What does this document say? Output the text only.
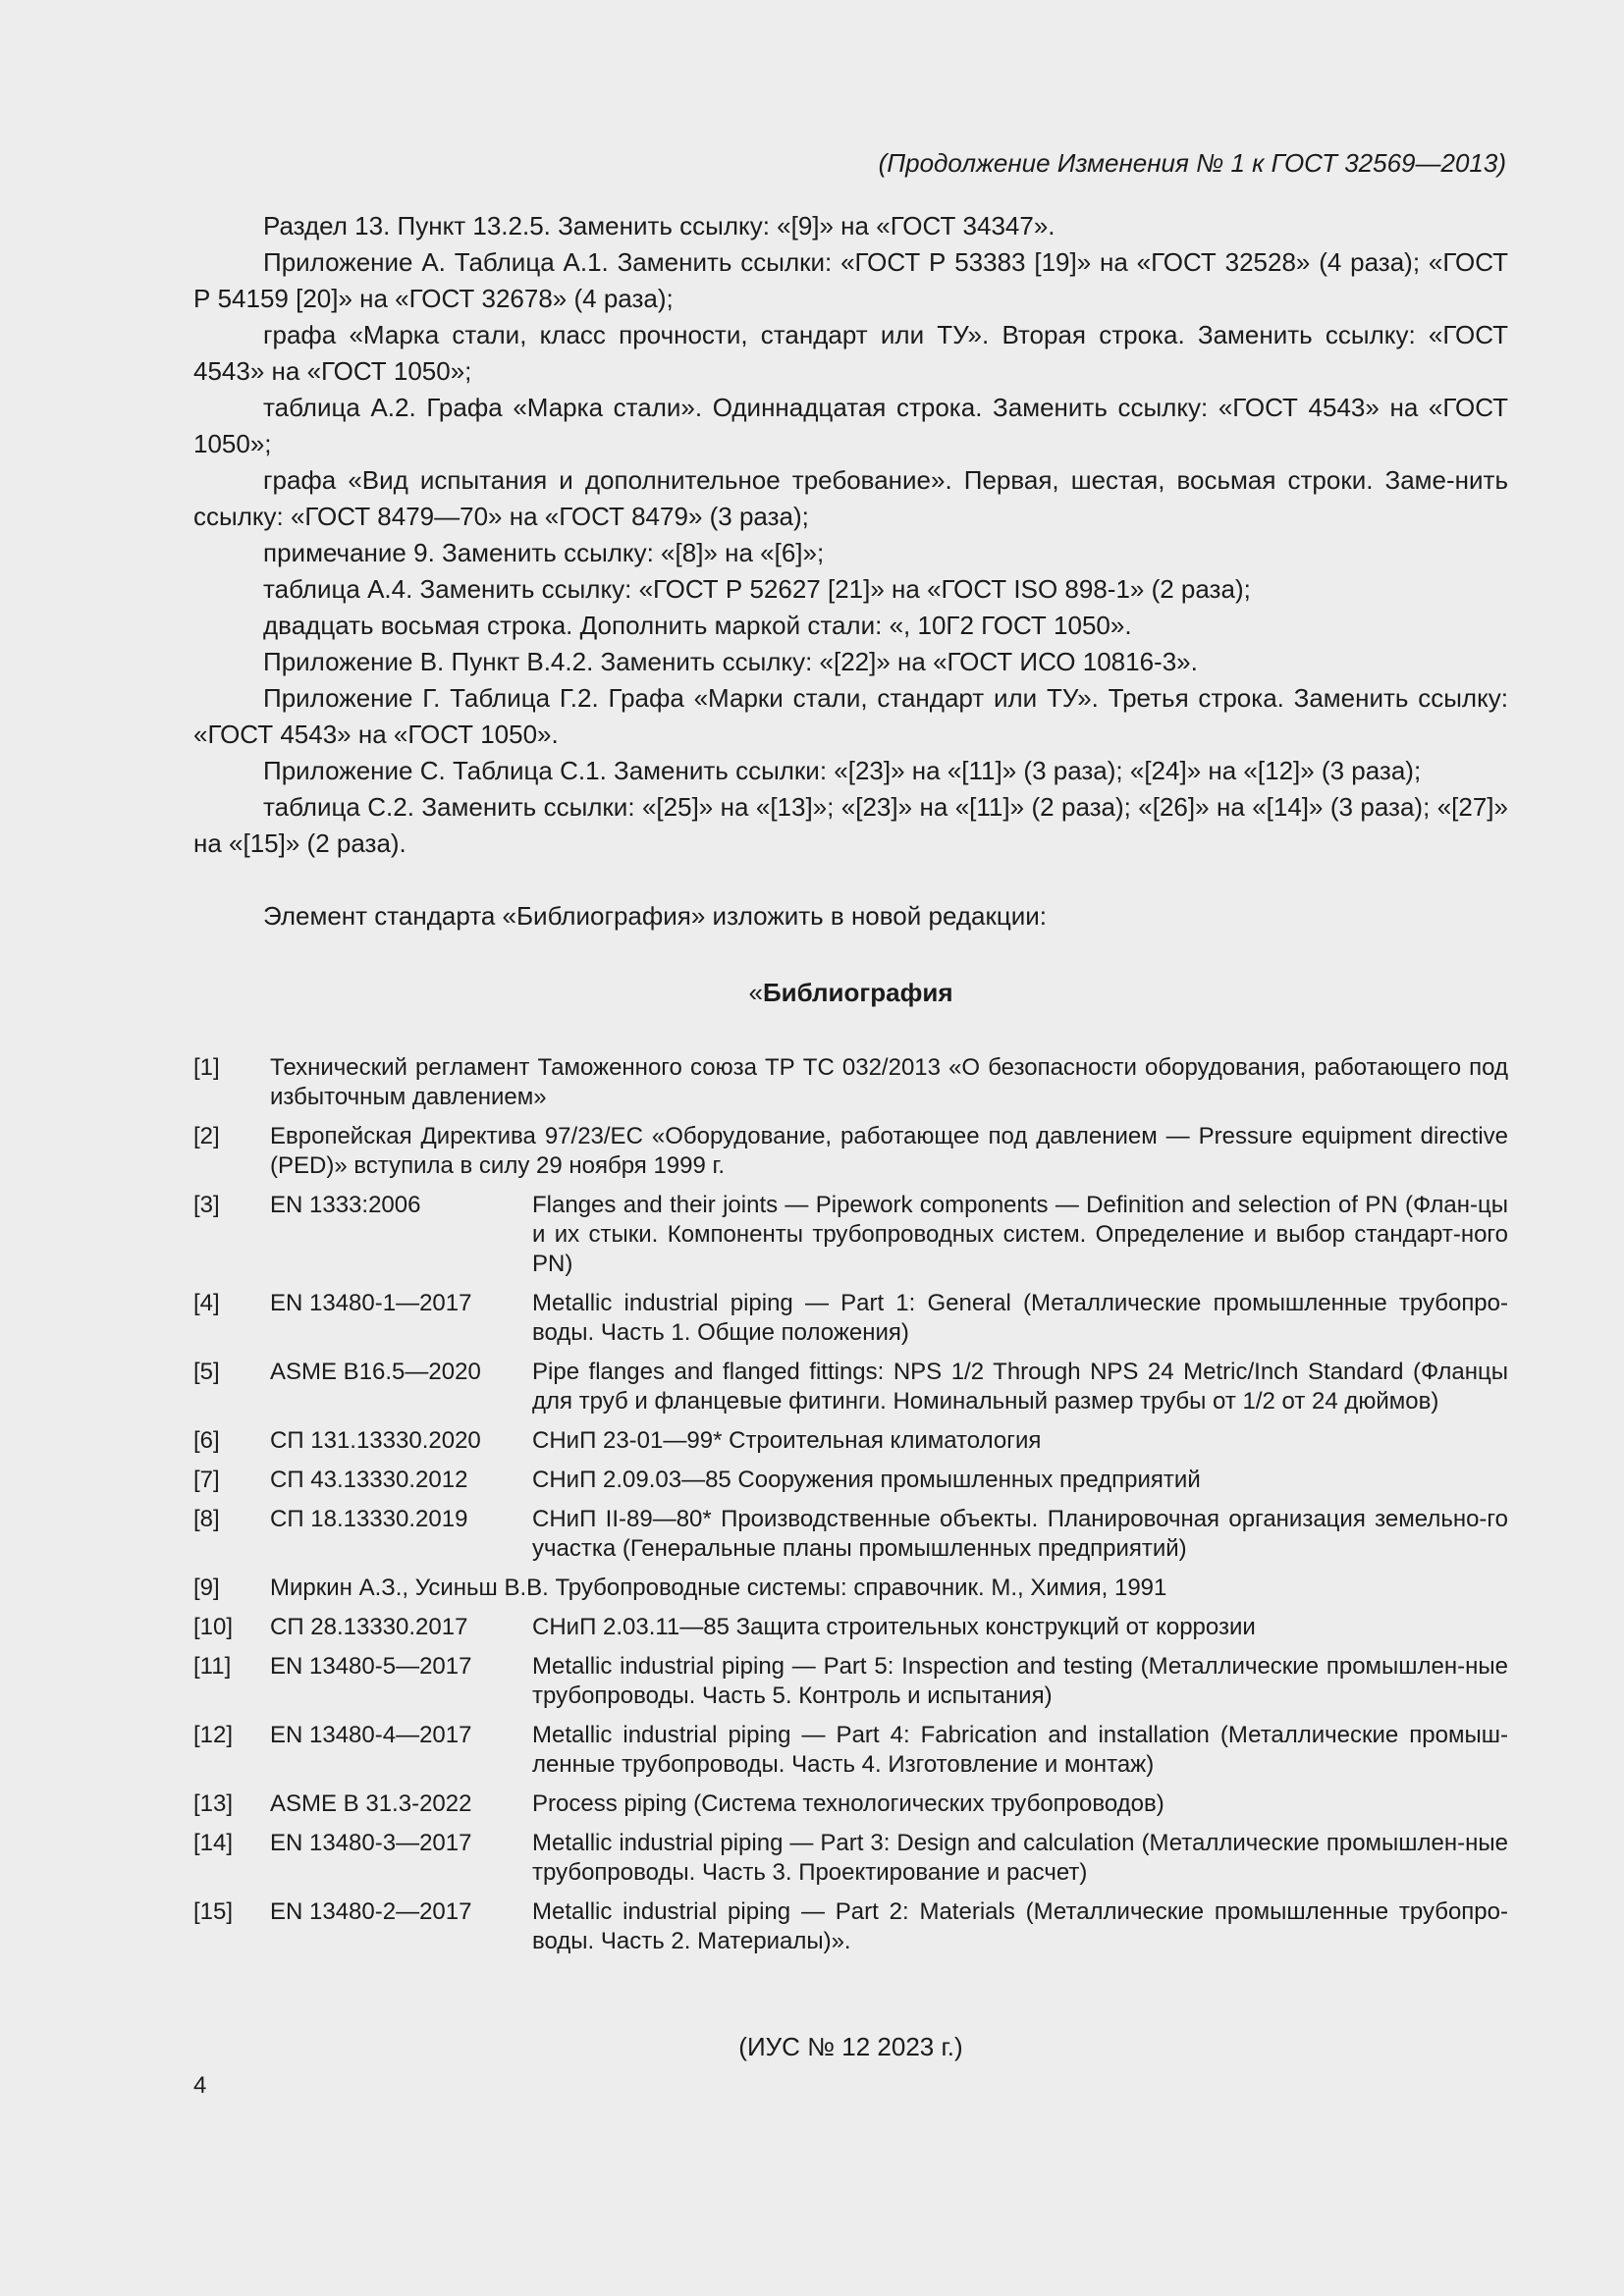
(Продолжение Изменения № 1 к ГОСТ 32569—2013)

Раздел 13. Пункт 13.2.5. Заменить ссылку: «[9]» на «ГОСТ 34347».

Приложение А. Таблица А.1. Заменить ссылки: «ГОСТ Р 53383 [19]» на «ГОСТ 32528» (4 раза); «ГОСТ Р 54159 [20]» на «ГОСТ 32678» (4 раза);

графа «Марка стали, класс прочности, стандарт или ТУ». Вторая строка. Заменить ссылку: «ГОСТ 4543» на «ГОСТ 1050»;

таблица А.2. Графа «Марка стали». Одиннадцатая строка. Заменить ссылку: «ГОСТ 4543» на «ГОСТ 1050»;

графа «Вид испытания и дополнительное требование». Первая, шестая, восьмая строки. Заме-нить ссылку: «ГОСТ 8479—70» на «ГОСТ 8479» (3 раза);

примечание 9. Заменить ссылку: «[8]» на «[6]»;

таблица А.4. Заменить ссылку: «ГОСТ Р 52627 [21]» на «ГОСТ ISO 898-1» (2 раза);

двадцать восьмая строка. Дополнить маркой стали: «, 10Г2 ГОСТ 1050».

Приложение В. Пункт В.4.2. Заменить ссылку: «[22]» на «ГОСТ ИСО 10816-3».

Приложение Г. Таблица Г.2. Графа «Марки стали, стандарт или ТУ». Третья строка. Заменить ссылку: «ГОСТ 4543» на «ГОСТ 1050».

Приложение С. Таблица С.1. Заменить ссылки: «[23]» на «[11]» (3 раза); «[24]» на «[12]» (3 раза);

таблица С.2. Заменить ссылки: «[25]» на «[13]»; «[23]» на «[11]» (2 раза); «[26]» на «[14]» (3 раза); «[27]» на «[15]» (2 раза).

Элемент стандарта «Библиография» изложить в новой редакции:

«Библиография
[1]	Технический регламент Таможенного союза ТР ТС 032/2013 «О безопасности оборудования, работающего под избыточным давлением»
[2]	Европейская Директива 97/23/ЕС «Оборудование, работающее под давлением — Pressure equipment directive (PED)» вступила в силу 29 ноября 1999 г.
[3]	EN 1333:2006	Flanges and their joints — Pipework components — Definition and selection of PN (Флан-цы и их стыки. Компоненты трубопроводных систем. Определение и выбор стандарт-ного PN)
[4]	EN 13480-1—2017	Metallic industrial piping — Part 1: General (Металлические промышленные трубопро-воды. Часть 1. Общие положения)
[5]	ASME B16.5—2020	Pipe flanges and flanged fittings: NPS 1/2 Through NPS 24 Metric/Inch Standard (Фланцы для труб и фланцевые фитинги. Номинальный размер трубы от 1/2 от 24 дюймов)
[6]	СП 131.13330.2020	СНиП 23-01—99* Строительная климатология
[7]	СП 43.13330.2012	СНиП 2.09.03—85 Сооружения промышленных предприятий
[8]	СП 18.13330.2019	СНиП II-89—80* Производственные объекты. Планировочная организация земельно-го участка (Генеральные планы промышленных предприятий)
[9]	Миркин А.З., Усиньш В.В. Трубопроводные системы: справочник. М., Химия, 1991
[10]	СП 28.13330.2017	СНиП 2.03.11—85 Защита строительных конструкций от коррозии
[11]	EN 13480-5—2017	Metallic industrial piping — Part 5: Inspection and testing (Металлические промышлен-ные трубопроводы. Часть 5. Контроль и испытания)
[12]	EN 13480-4—2017	Metallic industrial piping — Part 4: Fabrication and installation (Металлические промыш-ленные трубопроводы. Часть 4. Изготовление и монтаж)
[13]	ASME B 31.3-2022	Process piping (Система технологических трубопроводов)
[14]	EN 13480-3—2017	Metallic industrial piping — Part 3: Design and calculation (Металлические промышлен-ные трубопроводы. Часть 3. Проектирование и расчет)
[15]	EN 13480-2—2017	Metallic industrial piping — Part 2: Materials (Металлические промышленные трубопро-воды. Часть 2. Материалы)».
(ИУС № 12 2023 г.)
4
